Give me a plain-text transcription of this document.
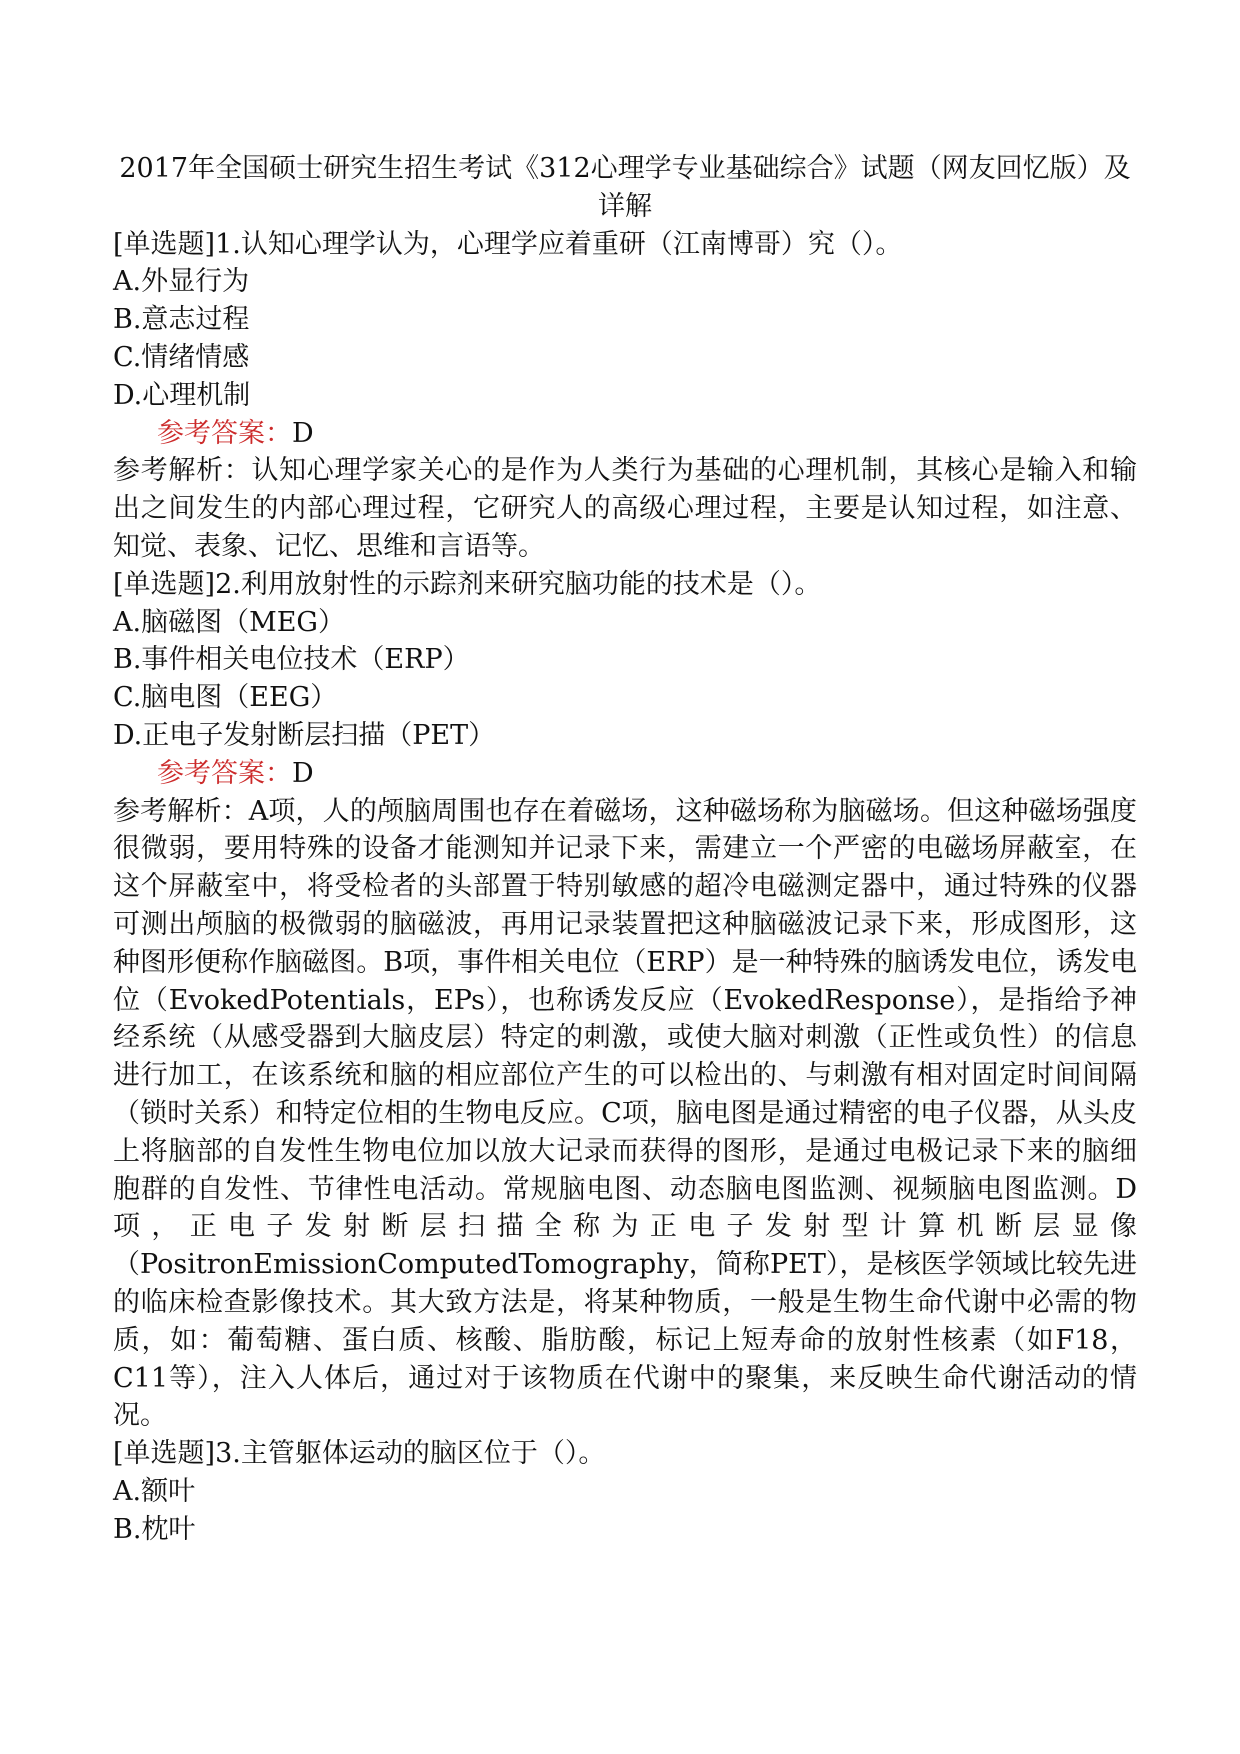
2017年全国硕士研究生招生考试《312心理学专业基础综合》试题（网友回忆版）及详解

[单选题]1.认知心理学认为，心理学应着重研（江南博哥）究（）。

A.外显行为

B.意志过程

C.情绪情感

D.心理机制

参考答案：D

参考解析：认知心理学家关心的是作为人类行为基础的心理机制，其核心是输入和输出之间发生的内部心理过程，它研究人的高级心理过程，主要是认知过程，如注意、知觉、表象、记忆、思维和言语等。

[单选题]2.利用放射性的示踪剂来研究脑功能的技术是（）。

A.脑磁图（MEG）

B.事件相关电位技术（ERP）

C.脑电图（EEG）

D.正电子发射断层扫描（PET）

参考答案：D

参考解析：A项，人的颅脑周围也存在着磁场，这种磁场称为脑磁场。但这种磁场强度很微弱，要用特殊的设备才能测知并记录下来，需建立一个严密的电磁场屏蔽室，在这个屏蔽室中，将受检者的头部置于特别敏感的超冷电磁测定器中，通过特殊的仪器可测出颅脑的极微弱的脑磁波，再用记录装置把这种脑磁波记录下来，形成图形，这种图形便称作脑磁图。B项，事件相关电位（ERP）是一种特殊的脑诱发电位，诱发电位（EvokedPotentials，EPs），也称诱发反应（EvokedResponse），是指给予神经系统（从感受器到大脑皮层）特定的刺激，或使大脑对刺激（正性或负性）的信息进行加工，在该系统和脑的相应部位产生的可以检出的、与刺激有相对固定时间间隔（锁时关系）和特定位相的生物电反应。C项，脑电图是通过精密的电子仪器，从头皮上将脑部的自发性生物电位加以放大记录而获得的图形，是通过电极记录下来的脑细胞群的自发性、节律性电活动。常规脑电图、动态脑电图监测、视频脑电图监测。D项，正电子发射断层扫描全称为正电子发射型计算机断层显像（PositronEmissionComputedTomography，简称PET），是核医学领域比较先进的临床检查影像技术。其大致方法是，将某种物质，一般是生物生命代谢中必需的物质，如：葡萄糖、蛋白质、核酸、脂肪酸，标记上短寿命的放射性核素（如F18，C11等），注入人体后，通过对于该物质在代谢中的聚集，来反映生命代谢活动的情况。

[单选题]3.主管躯体运动的脑区位于（）。

A.额叶

B.枕叶
